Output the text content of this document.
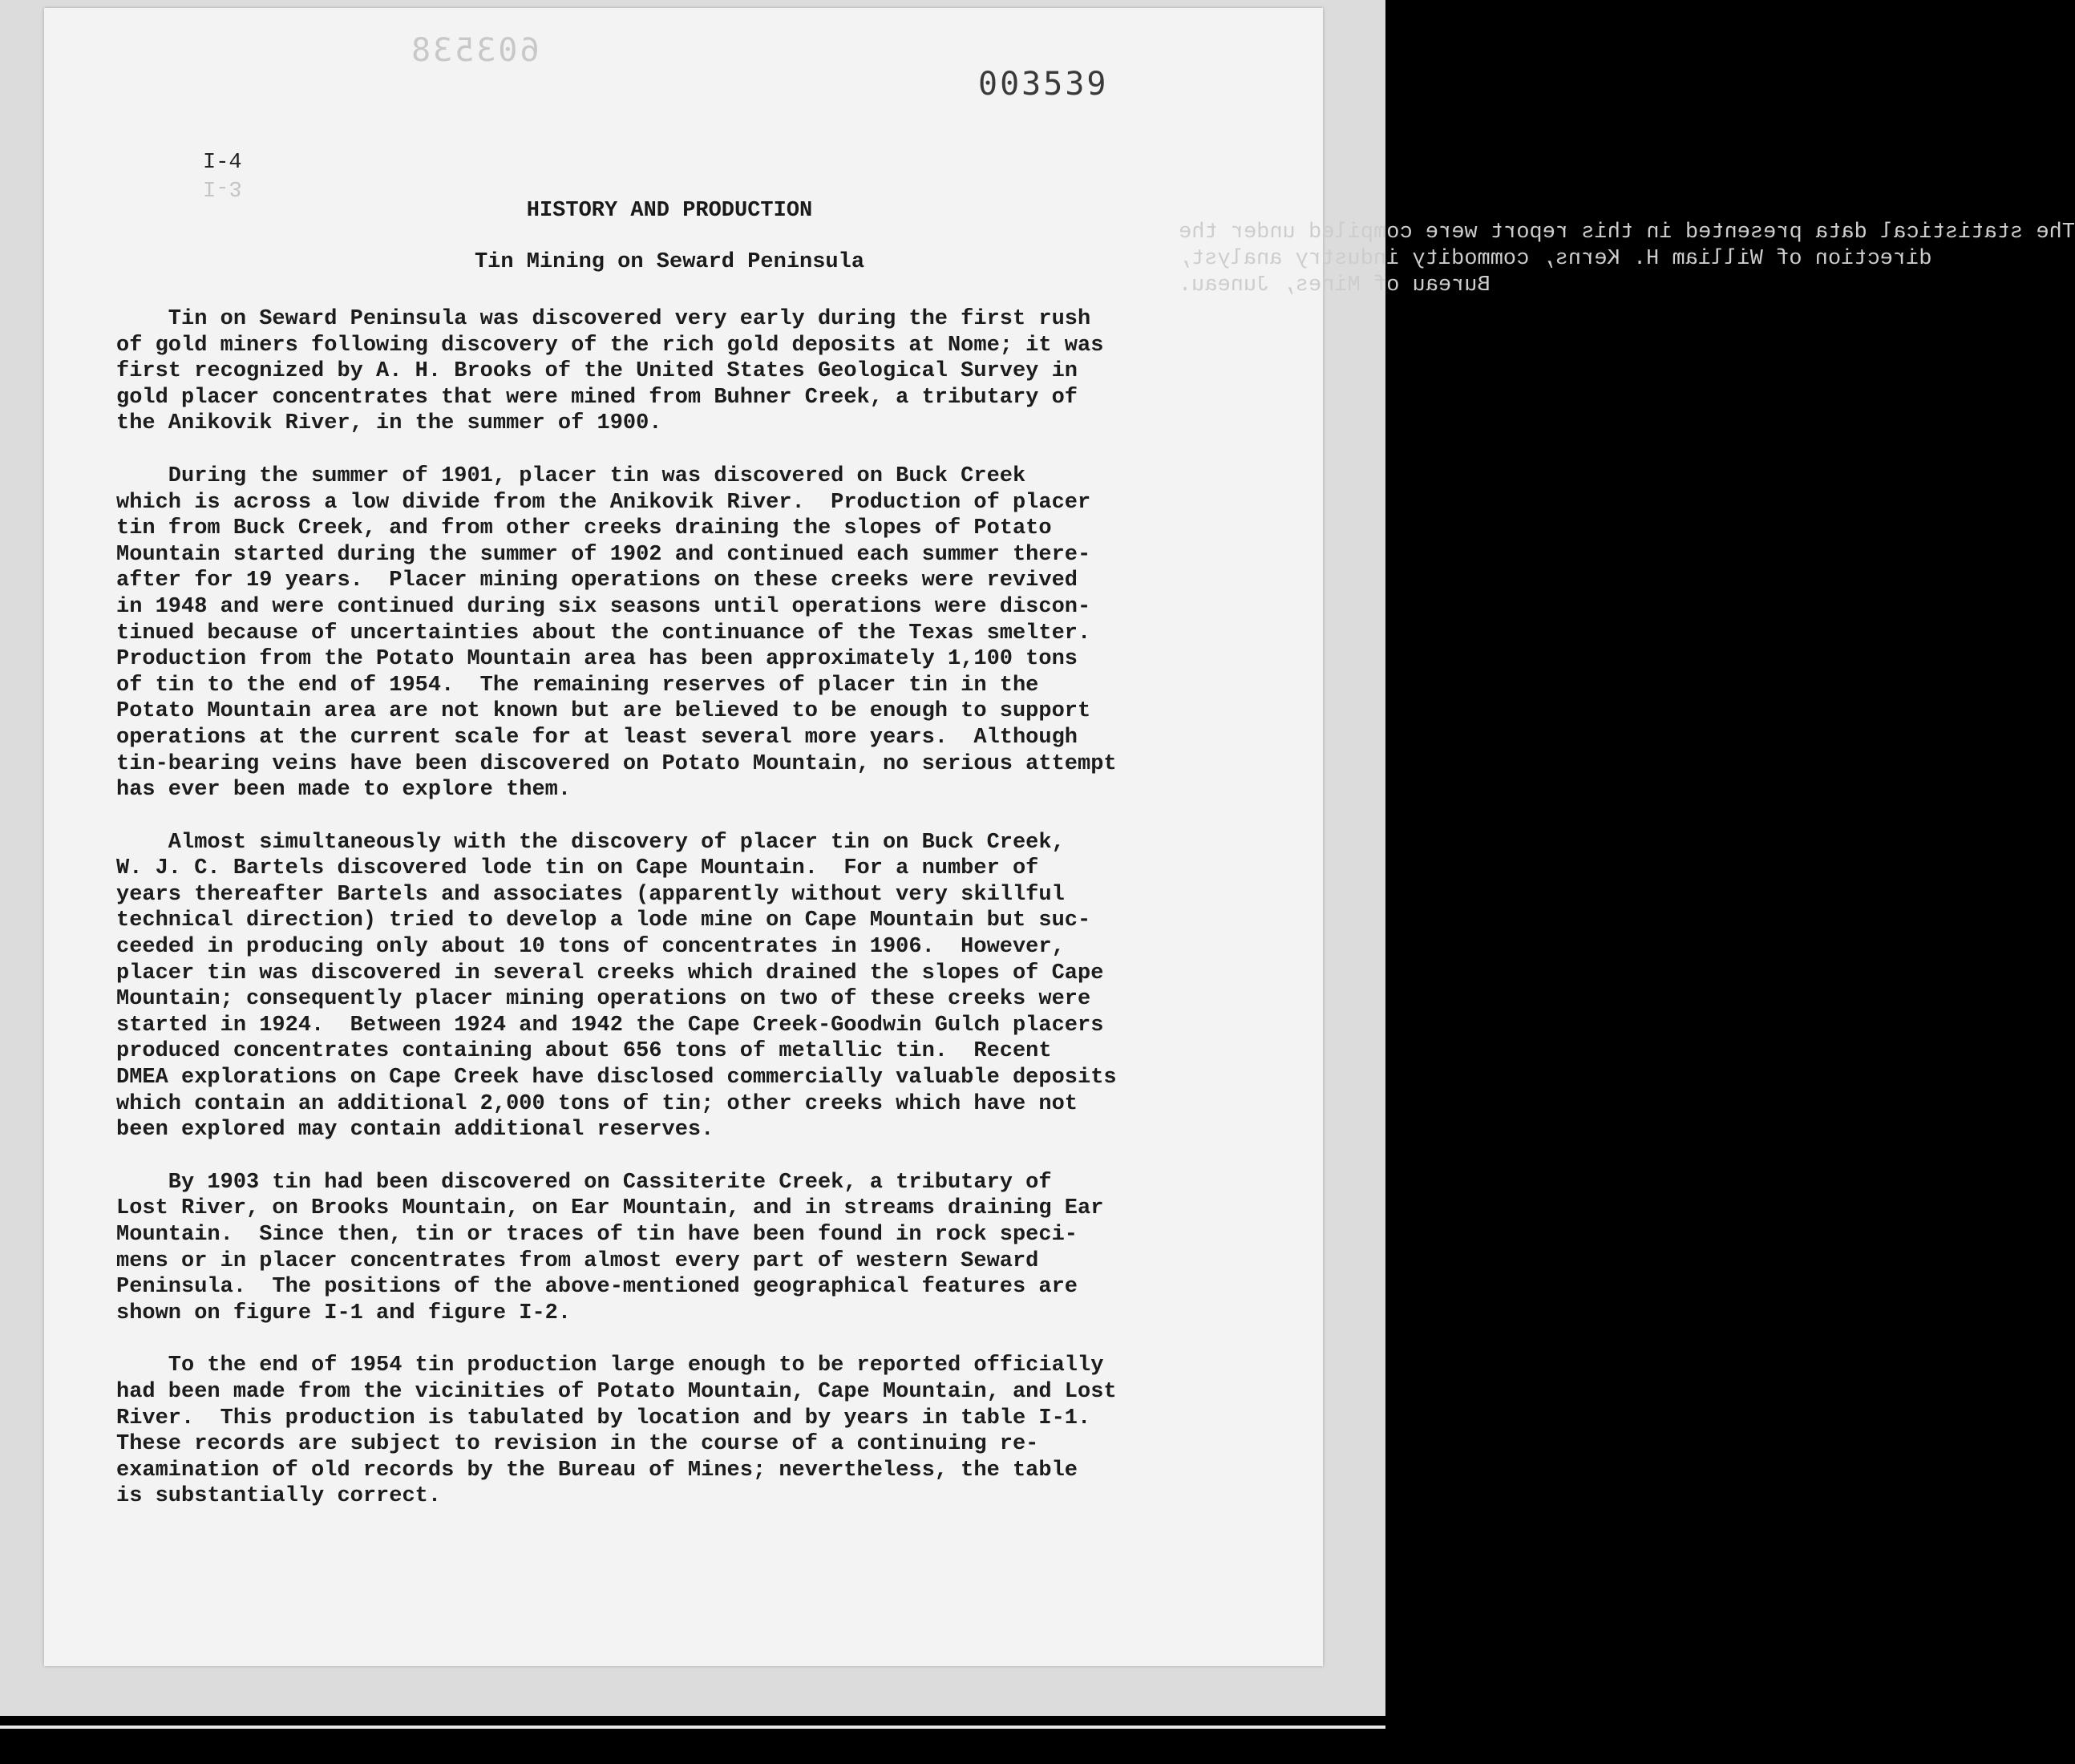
603538
003539
I-4
I-3
The statistical data presented in this report were compiled under the
direction of William H. Kerns, commodity industry analyst,
Bureau of Mines, Juneau.
HISTORY AND PRODUCTION
Tin Mining on Seward Peninsula
Tin on Seward Peninsula was discovered very early during the first rush
of gold miners following discovery of the rich gold deposits at Nome; it was
first recognized by A. H. Brooks of the United States Geological Survey in
gold placer concentrates that were mined from Buhner Creek, a tributary of
the Anikovik River, in the summer of 1900.
During the summer of 1901, placer tin was discovered on Buck Creek
which is across a low divide from the Anikovik River.  Production of placer
tin from Buck Creek, and from other creeks draining the slopes of Potato
Mountain started during the summer of 1902 and continued each summer there-
after for 19 years.  Placer mining operations on these creeks were revived
in 1948 and were continued during six seasons until operations were discon-
tinued because of uncertainties about the continuance of the Texas smelter.
Production from the Potato Mountain area has been approximately 1,100 tons
of tin to the end of 1954.  The remaining reserves of placer tin in the
Potato Mountain area are not known but are believed to be enough to support
operations at the current scale for at least several more years.  Although
tin-bearing veins have been discovered on Potato Mountain, no serious attempt
has ever been made to explore them.
Almost simultaneously with the discovery of placer tin on Buck Creek,
W. J. C. Bartels discovered lode tin on Cape Mountain.  For a number of
years thereafter Bartels and associates (apparently without very skillful
technical direction) tried to develop a lode mine on Cape Mountain but suc-
ceeded in producing only about 10 tons of concentrates in 1906.  However,
placer tin was discovered in several creeks which drained the slopes of Cape
Mountain; consequently placer mining operations on two of these creeks were
started in 1924.  Between 1924 and 1942 the Cape Creek-Goodwin Gulch placers
produced concentrates containing about 656 tons of metallic tin.  Recent
DMEA explorations on Cape Creek have disclosed commercially valuable deposits
which contain an additional 2,000 tons of tin; other creeks which have not
been explored may contain additional reserves.
By 1903 tin had been discovered on Cassiterite Creek, a tributary of
Lost River, on Brooks Mountain, on Ear Mountain, and in streams draining Ear
Mountain.  Since then, tin or traces of tin have been found in rock speci-
mens or in placer concentrates from almost every part of western Seward
Peninsula.  The positions of the above-mentioned geographical features are
shown on figure I-1 and figure I-2.
To the end of 1954 tin production large enough to be reported officially
had been made from the vicinities of Potato Mountain, Cape Mountain, and Lost
River.  This production is tabulated by location and by years in table I-1.
These records are subject to revision in the course of a continuing re-
examination of old records by the Bureau of Mines; nevertheless, the table
is substantially correct.
